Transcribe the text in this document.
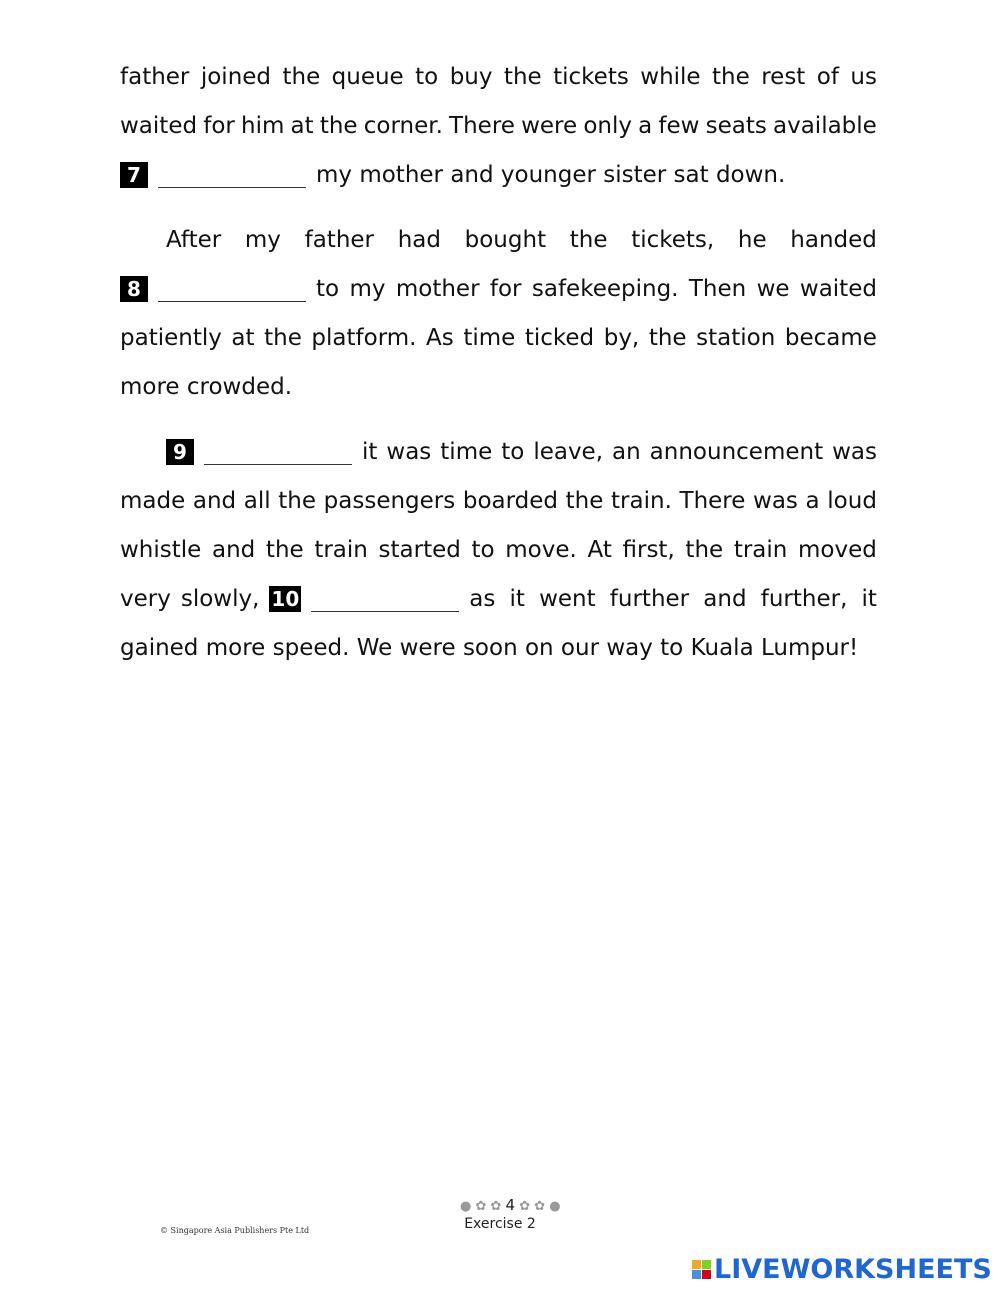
father joined the queue to buy the tickets while the rest of us
waited for him at the corner. There were only a few seats available
7	my mother and younger sister sat down.
After my father had bought the tickets, he handed
8	to my mother for safekeeping. Then we waited
patiently at the platform. As time ticked by, the station became
more crowded.
9	it was time to leave, an announcement was
made and all the passengers boarded the train. There was a loud
whistle and the train started to move. At first, the train moved
very slowly, 10	as it went further and further, it
gained more speed. We were soon on our way to Kuala Lumpur!
● ✿ ✿ 4 ✿ ✿ ●
Exercise 2
© Singapore Asia Publishers Pte Ltd
LIVEWORKSHEETS
